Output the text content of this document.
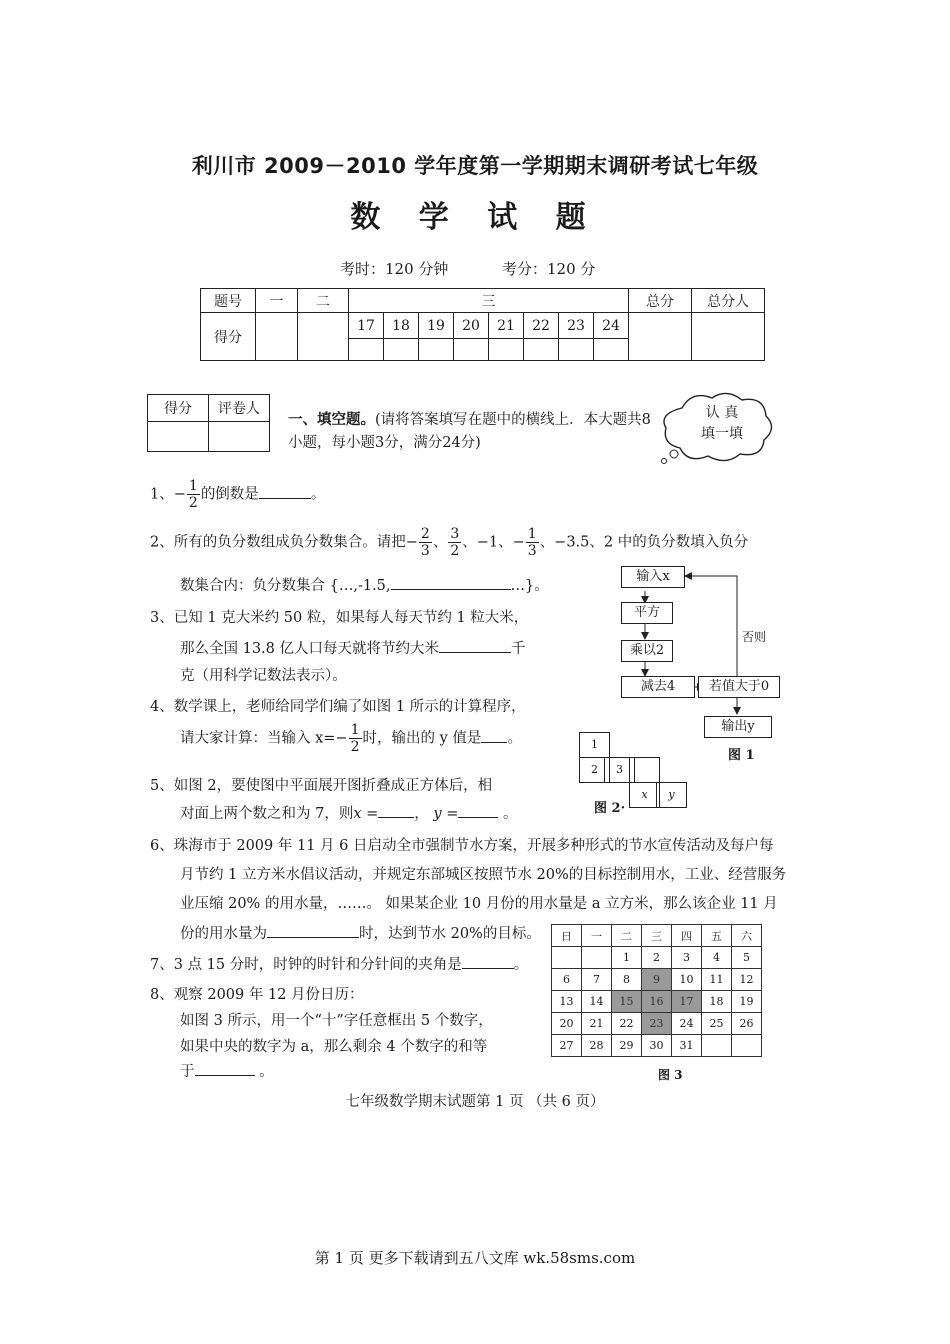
利川市 2009－2010 学年度第一学期期末调研考试七年级
数 学 试 题
考时：120 分钟	考分：120 分
题号	一	二	三								总分	总分人
得分			17	18	19	20	21	22	23	24		

得分	评卷人

一、填空题。(请将答案填写在题中的横线上．本大题共8
小题，每小题3分，满分24分)
认 真
填一填
1、− $\frac{1}{2}$ 的倒数是	。
2、所有的负分数组成负分数集合。请把− $\frac{2}{3}$ 、 $\frac{3}{2}$ 、−1、− $\frac{1}{3}$ 、−3.5、2 中的负分数填入负分
数集合内：负分数集合 {…,-1.5,	…}。
3、已知 1 克大米约 50 粒，如果每人每天节约 1 粒大米，
那么全国 13.8 亿人口每天就将节约大米	千
克（用科学记数法表示）。
4、数学课上，老师给同学们编了如图 1 所示的计算程序，
请大家计算：当输入 $x=- \frac{1}{2}$ 时，输出的 y 值是 。
5、如图 2，要使图中平面展开图折叠成正方体后，相
对面上两个数之和为 7，则x = ， y =	。
6、珠海市于 2009 年 11 月 6 日启动全市强制节水方案，开展多种形式的节水宣传活动及每户每
月节约 1 立方米水倡议活动，并规定东部城区按照节水 20%的目标控制用水，工业、经营服务
业压缩 20% 的用水量，……。 如果某企业 10 月份的用水量是 a 立方米，那么该企业 11 月
份的用水量为	时，达到节水 20%的目标。
7、3 点 15 分时，时钟的时针和分针间的夹角是	。
8、观察 2009 年 12 月份日历：
如图 3 所示，用一个“十”字任意框出 5 个数字，
如果中央的数字为 a，那么剩余 4 个数字的和等
于	。
输入x
平方
乘以2
减去4	若值大于0
输出y
否则
图 1
1
2	3
x	y
图 2·
日	一	二	三	四	五	六
		1	2	3	4	5
6	7	8	9	10	11	12
13	14	15	16	17	18	19
20	21	22	23	24	25	26
27	28	29	30	31		
图 3
七年级数学期末试题第 1 页 （共 6 页）
第 1 页 更多下载请到五八文库 wk.58sms.com
